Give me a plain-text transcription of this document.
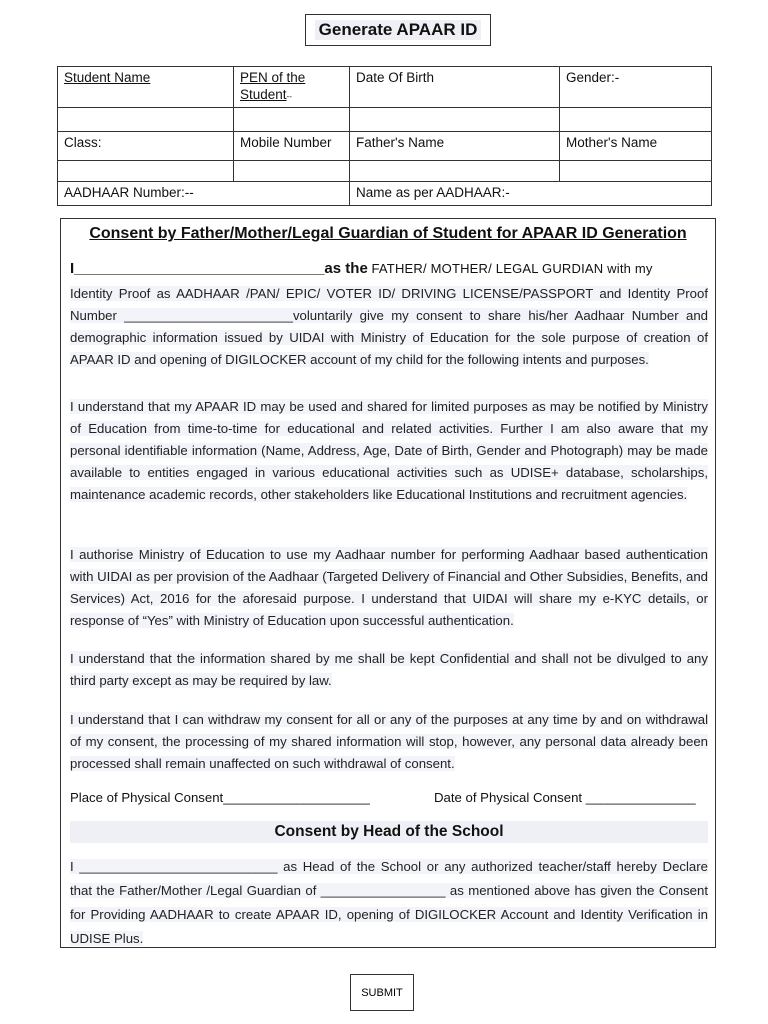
Generate APAAR ID
Student Name	PEN of the Student--	Date Of Birth	Gender:-

Class:	Mobile Number	Father's Name	Mother's Name

AADHAAR Number:--		Name as per AADHAAR:-	
Consent by Father/Mother/Legal Guardian of Student for APAAR ID Generation
I______________________________as the FATHER/ MOTHER/ LEGAL GURDIAN with my
Identity Proof as AADHAAR /PAN/ EPIC/ VOTER ID/ DRIVING LICENSE/PASSPORT and Identity Proof Number _______________________voluntarily give my consent to share his/her Aadhaar Number and demographic information issued by UIDAI with Ministry of Education for the sole purpose of creation of APAAR ID and opening of DIGILOCKER account of my child for the following intents and purposes.
I understand that my APAAR ID may be used and shared for limited purposes as may be notified by Ministry of Education from time-to-time for educational and related activities. Further I am also aware that my personal identifiable information (Name, Address, Age, Date of Birth, Gender and Photograph) may be made available to entities engaged in various educational activities such as UDISE+ database, scholarships, maintenance academic records, other stakeholders like Educational Institutions and recruitment agencies.
I authorise Ministry of Education to use my Aadhaar number for performing Aadhaar based authentication with UIDAI as per provision of the Aadhaar (Targeted Delivery of Financial and Other Subsidies, Benefits, and Services) Act, 2016 for the aforesaid purpose. I understand that UIDAI will share my e-KYC details, or response of “Yes” with Ministry of Education upon successful authentication.
I understand that the information shared by me shall be kept Confidential and shall not be divulged to any third party except as may be required by law.
I understand that I can withdraw my consent for all or any of the purposes at any time by and on withdrawal of my consent, the processing of my shared information will stop, however, any personal data already been processed shall remain unaffected on such withdrawal of consent.
Place of Physical Consent____________________	Date of Physical Consent _______________
Consent by Head of the School
I ___________________________ as Head of the School or any authorized teacher/staff hereby Declare that the Father/Mother /Legal Guardian of _________________ as mentioned above has given the Consent for Providing AADHAAR to create APAAR ID, opening of DIGILOCKER Account and Identity Verification in UDISE Plus.
SUBMIT
